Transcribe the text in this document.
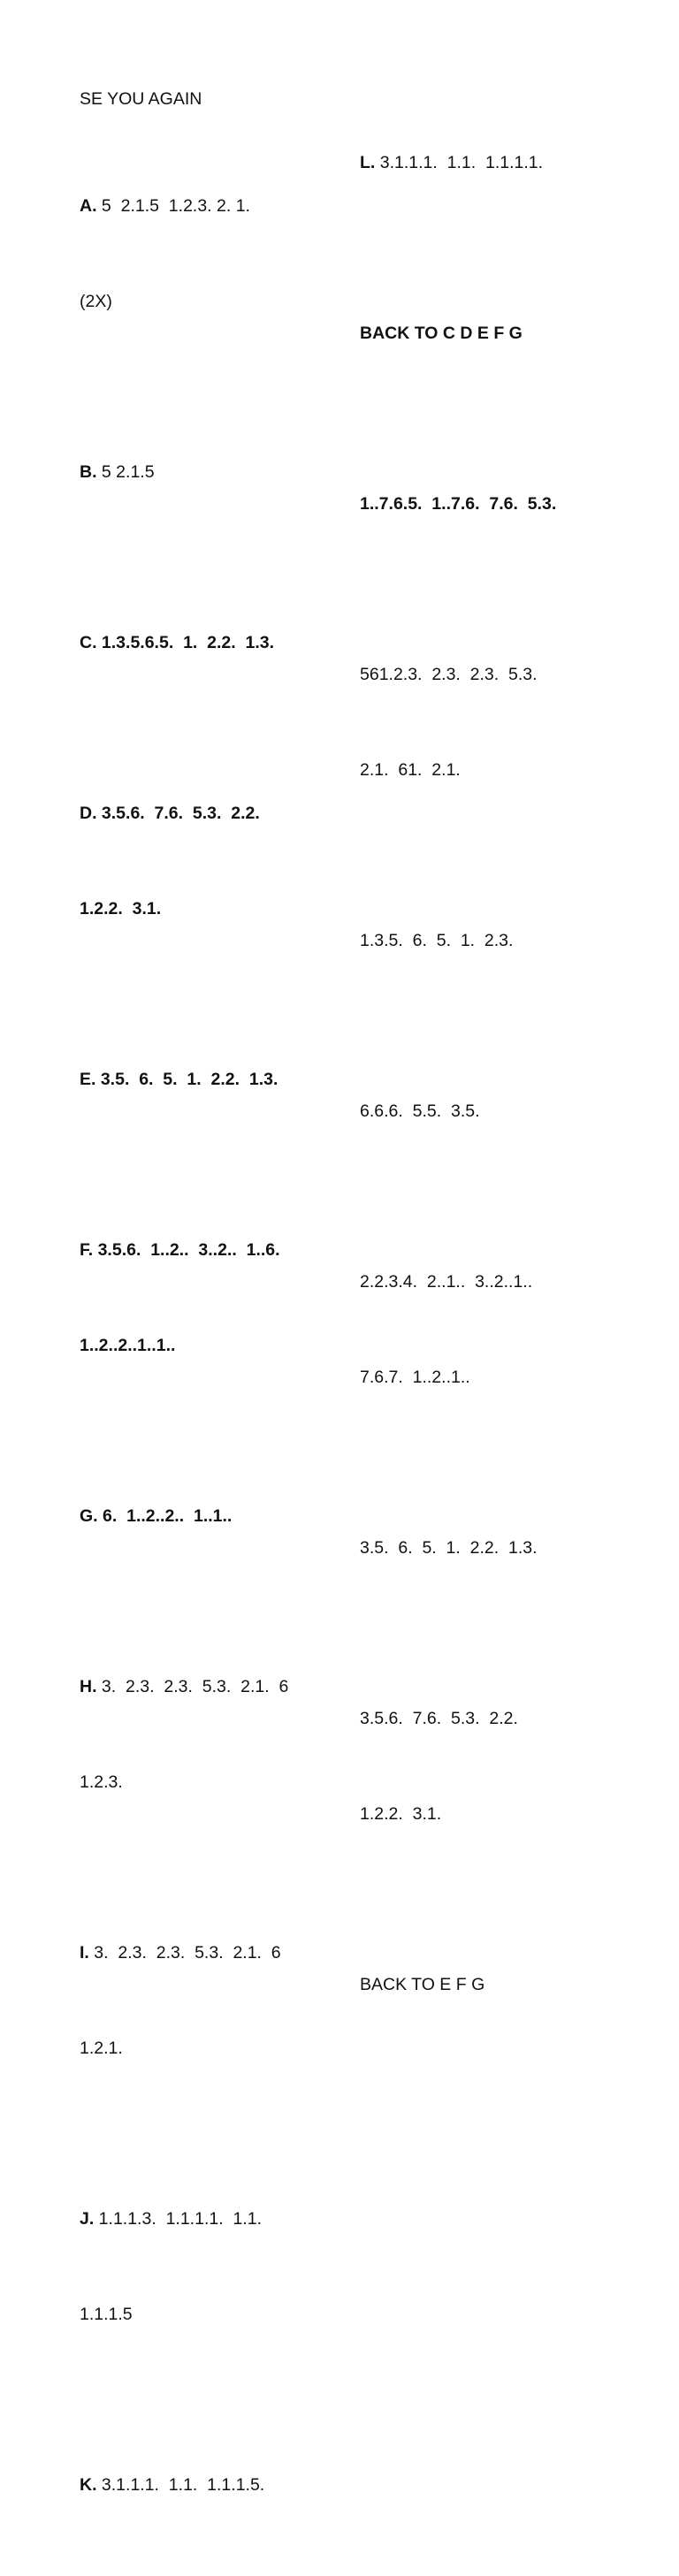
SE YOU AGAIN

A. 5  2.1.5  1.2.3. 2. 1.

(2X)

B. 5 2.1.5

C. 1.3.5.6.5.  1.  2.2.  1.3.

D. 3.5.6.  7.6.  5.3.  2.2.

1.2.2.  3.1.

E. 3.5.  6.  5.  1.  2.2.  1.3.

F. 3.5.6.  1..2..  3..2..  1..6.

1..2..2..1..1..

G. 6.  1..2..2..  1..1..

H. 3.  2.3.  2.3.  5.3.  2.1.  6

1.2.3.

I. 3.  2.3.  2.3.  5.3.  2.1.  6

1.2.1.

J. 1.1.1.3.  1.1.1.1.  1.1.

1.1.1.5

K. 3.1.1.1.  1.1.  1.1.1.5.

L. 3.1.1.1.  1.1.  1.1.1.1.

BACK TO C D E F G

1..7.6.5.  1..7.6.  7.6.  5.3.

561.2.3.  2.3.  2.3.  5.3.

2.1.  61.  2.1.

1.3.5.  6.  5.  1.  2.3.

6.6.6.  5.5.  3.5.

2.2.3.4.  2..1..  3..2..1..

7.6.7.  1..2..1..

3.5.  6.  5.  1.  2.2.  1.3.

3.5.6.  7.6.  5.3.  2.2.

1.2.2.  3.1.

BACK TO E F G
